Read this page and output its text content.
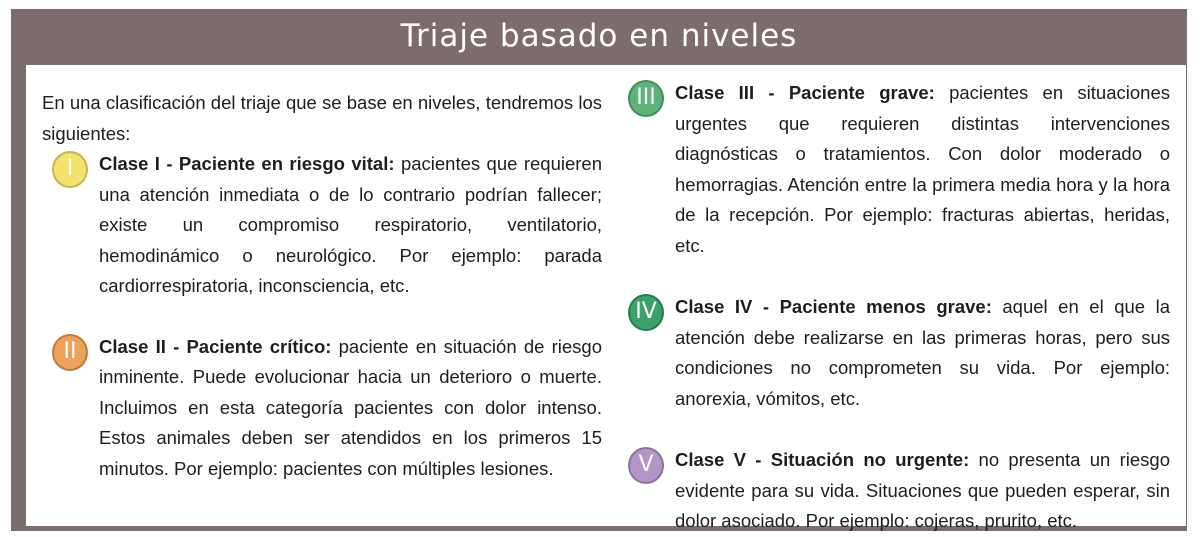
Triaje basado en niveles

En una clasificación del triaje que se base en niveles, tendremos los siguientes:

I	Clase I - Paciente en riesgo vital: pacientes que requieren una atención inmediata o de lo contrario podrían fallecer; existe un compromiso respiratorio, ventilatorio, hemodinámico o neurológico. Por ejemplo: parada cardiorrespiratoria, inconsciencia, etc.

II	Clase II - Paciente crítico: paciente en situación de riesgo inminente. Puede evolucionar hacia un deterioro o muerte. Incluimos en esta categoría pacientes con dolor intenso. Estos animales deben ser atendidos en los primeros 15 minutos. Por ejemplo: pacientes con múltiples lesiones.

III	Clase III - Paciente grave: pacientes en situaciones urgentes que requieren distintas intervenciones diagnósticas o tratamientos. Con dolor moderado o hemorragias. Atención entre la primera media hora y la hora de la recepción. Por ejemplo: fracturas abiertas, heridas, etc.

IV Clase IV - Paciente menos grave: aquel en el que la atención debe realizarse en las primeras horas, pero sus condiciones no comprometen su vida. Por ejemplo: anorexia, vómitos, etc.

V	Clase V - Situación no urgente: no presenta un riesgo evidente para su vida. Situaciones que pueden esperar, sin dolor asociado. Por ejemplo: cojeras, prurito, etc.
